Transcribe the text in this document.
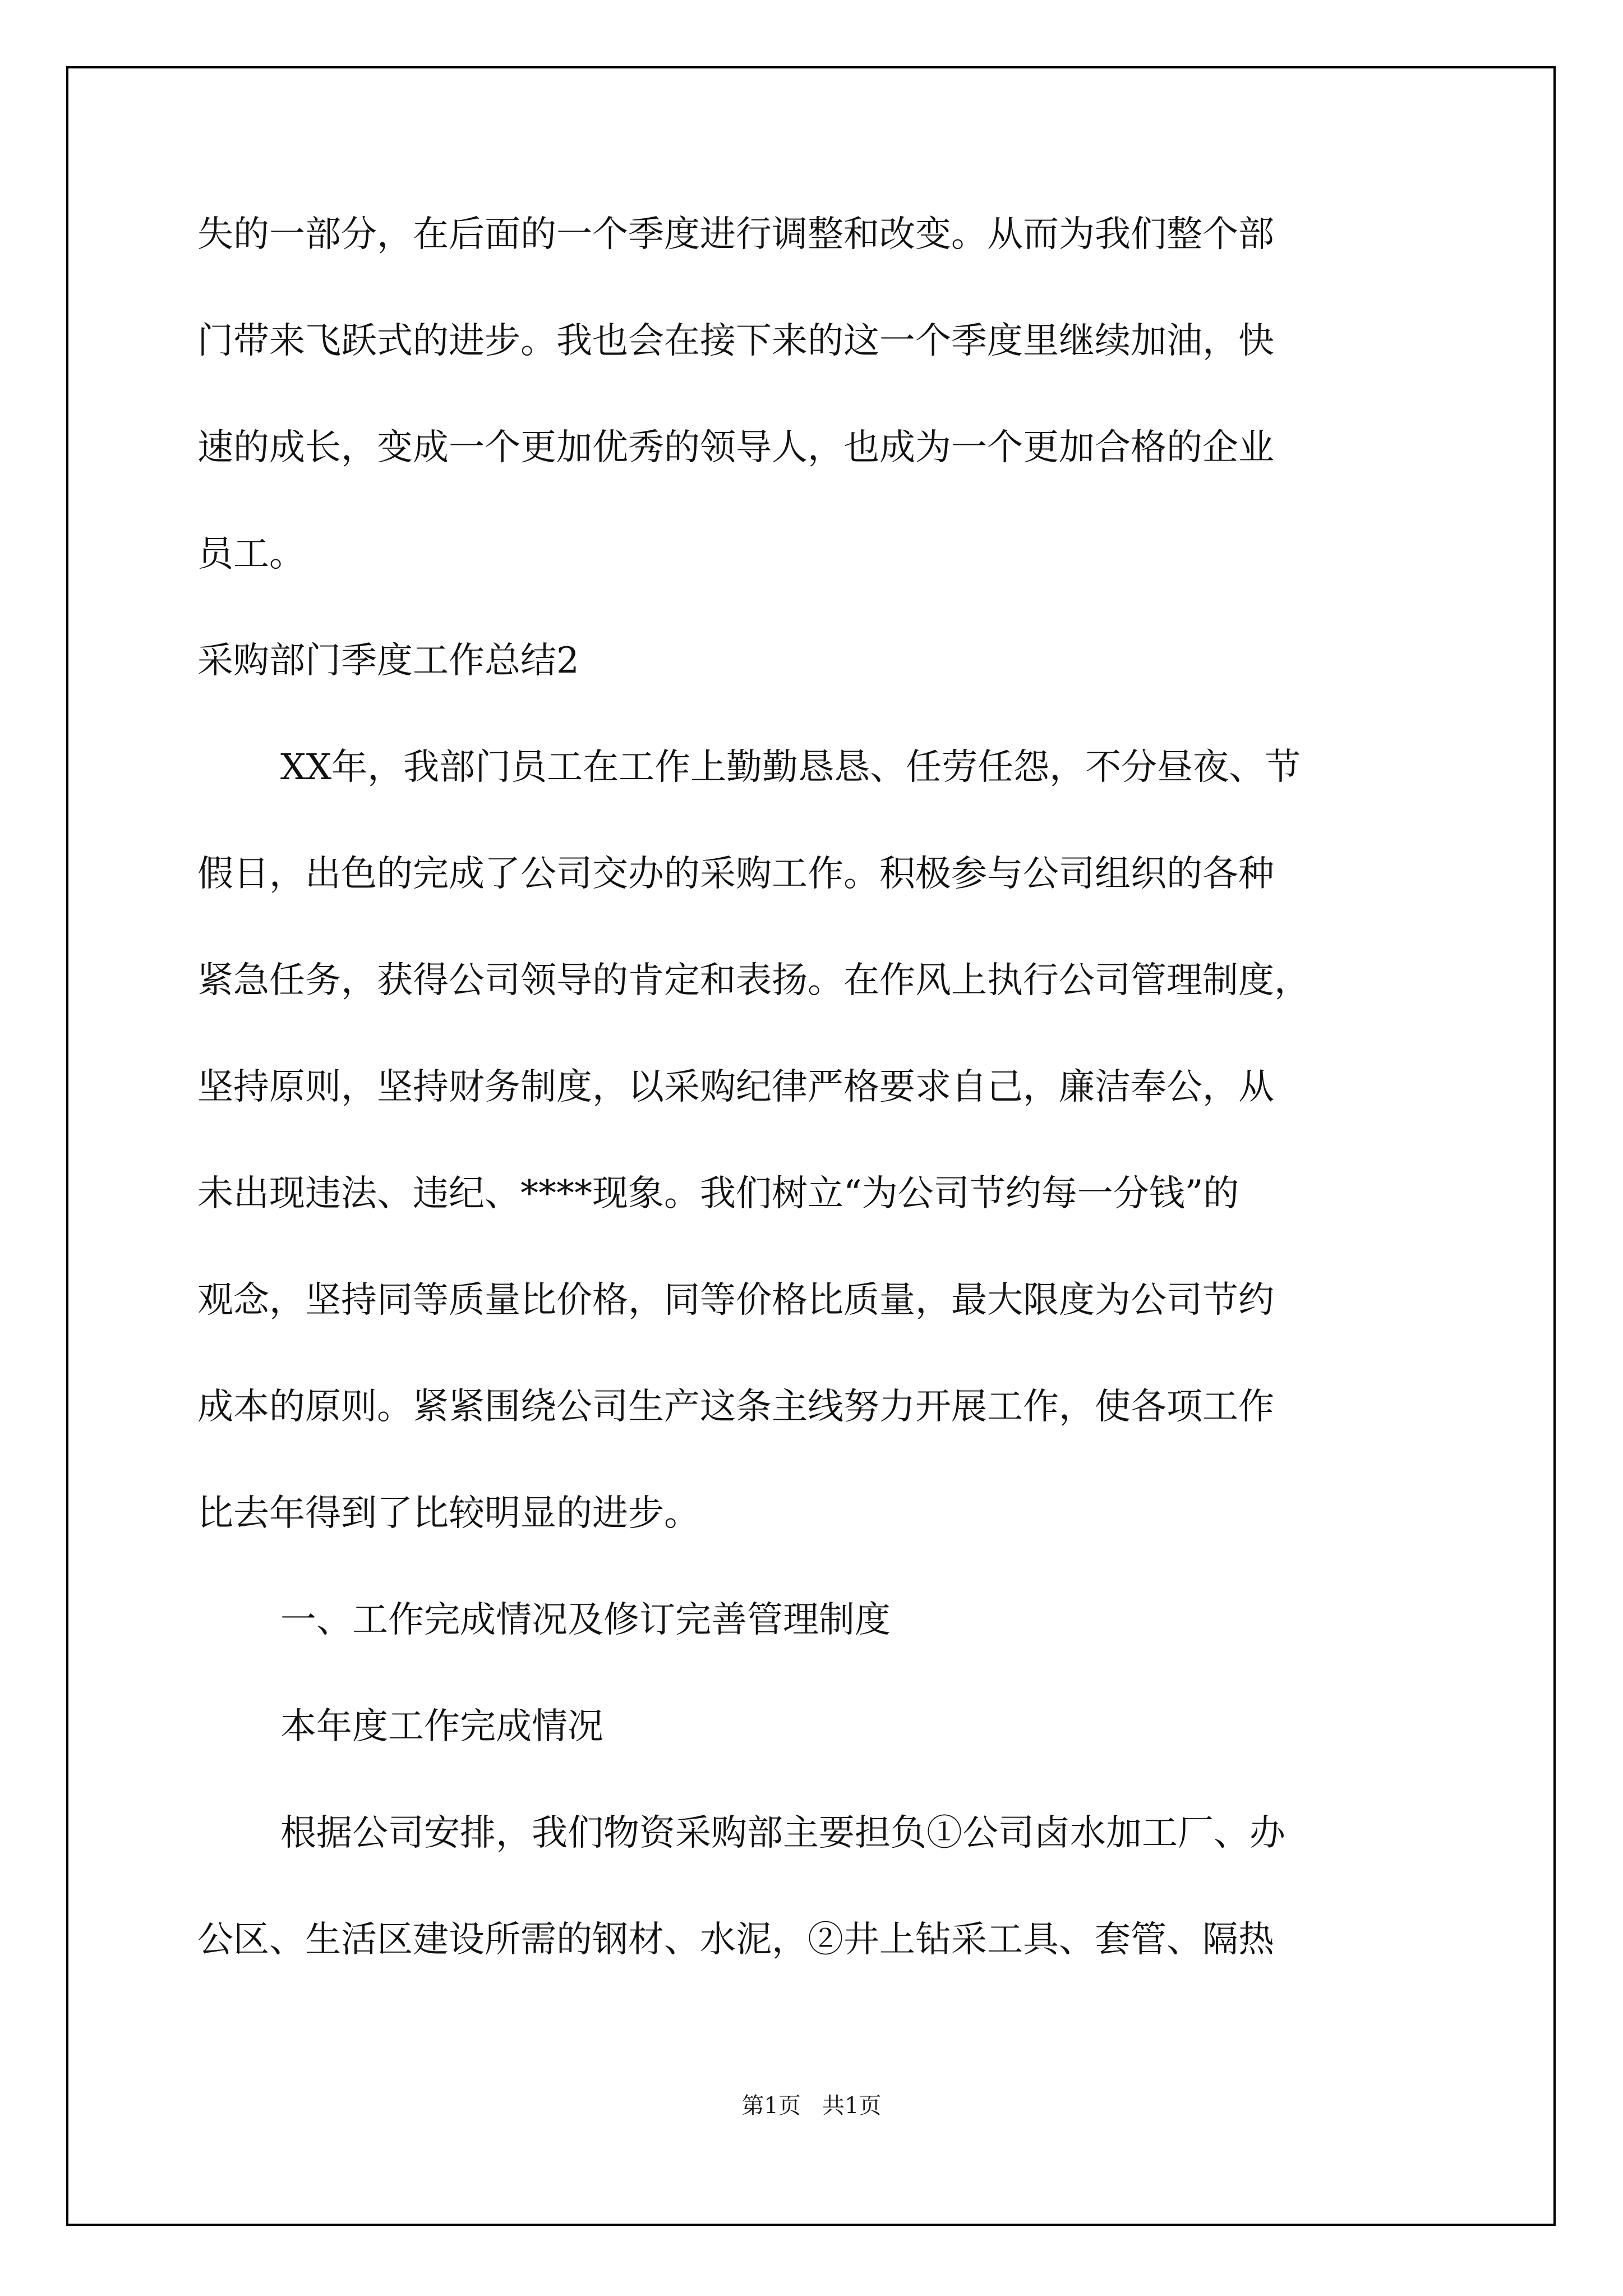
失的一部分，在后面的一个季度进行调整和改变。从而为我们整个部
门带来飞跃式的进步。我也会在接下来的这一个季度里继续加油，快
速的成长，变成一个更加优秀的领导人，也成为一个更加合格的企业
员工。
采购部门季度工作总结2
XX年，我部门员工在工作上勤勤恳恳、任劳任怨，不分昼夜、节
假日，出色的完成了公司交办的采购工作。积极参与公司组织的各种
紧急任务，获得公司领导的肯定和表扬。在作风上执行公司管理制度，
坚持原则，坚持财务制度，以采购纪律严格要求自己，廉洁奉公，从
未出现违法、违纪、****现象。我们树立“为公司节约每一分钱”的
观念，坚持同等质量比价格，同等价格比质量，最大限度为公司节约
成本的原则。紧紧围绕公司生产这条主线努力开展工作，使各项工作
比去年得到了比较明显的进步。
一、工作完成情况及修订完善管理制度
本年度工作完成情况
根据公司安排，我们物资采购部主要担负①公司卤水加工厂、办
公区、生活区建设所需的钢材、水泥，②井上钻采工具、套管、隔热
第1页   共1页
